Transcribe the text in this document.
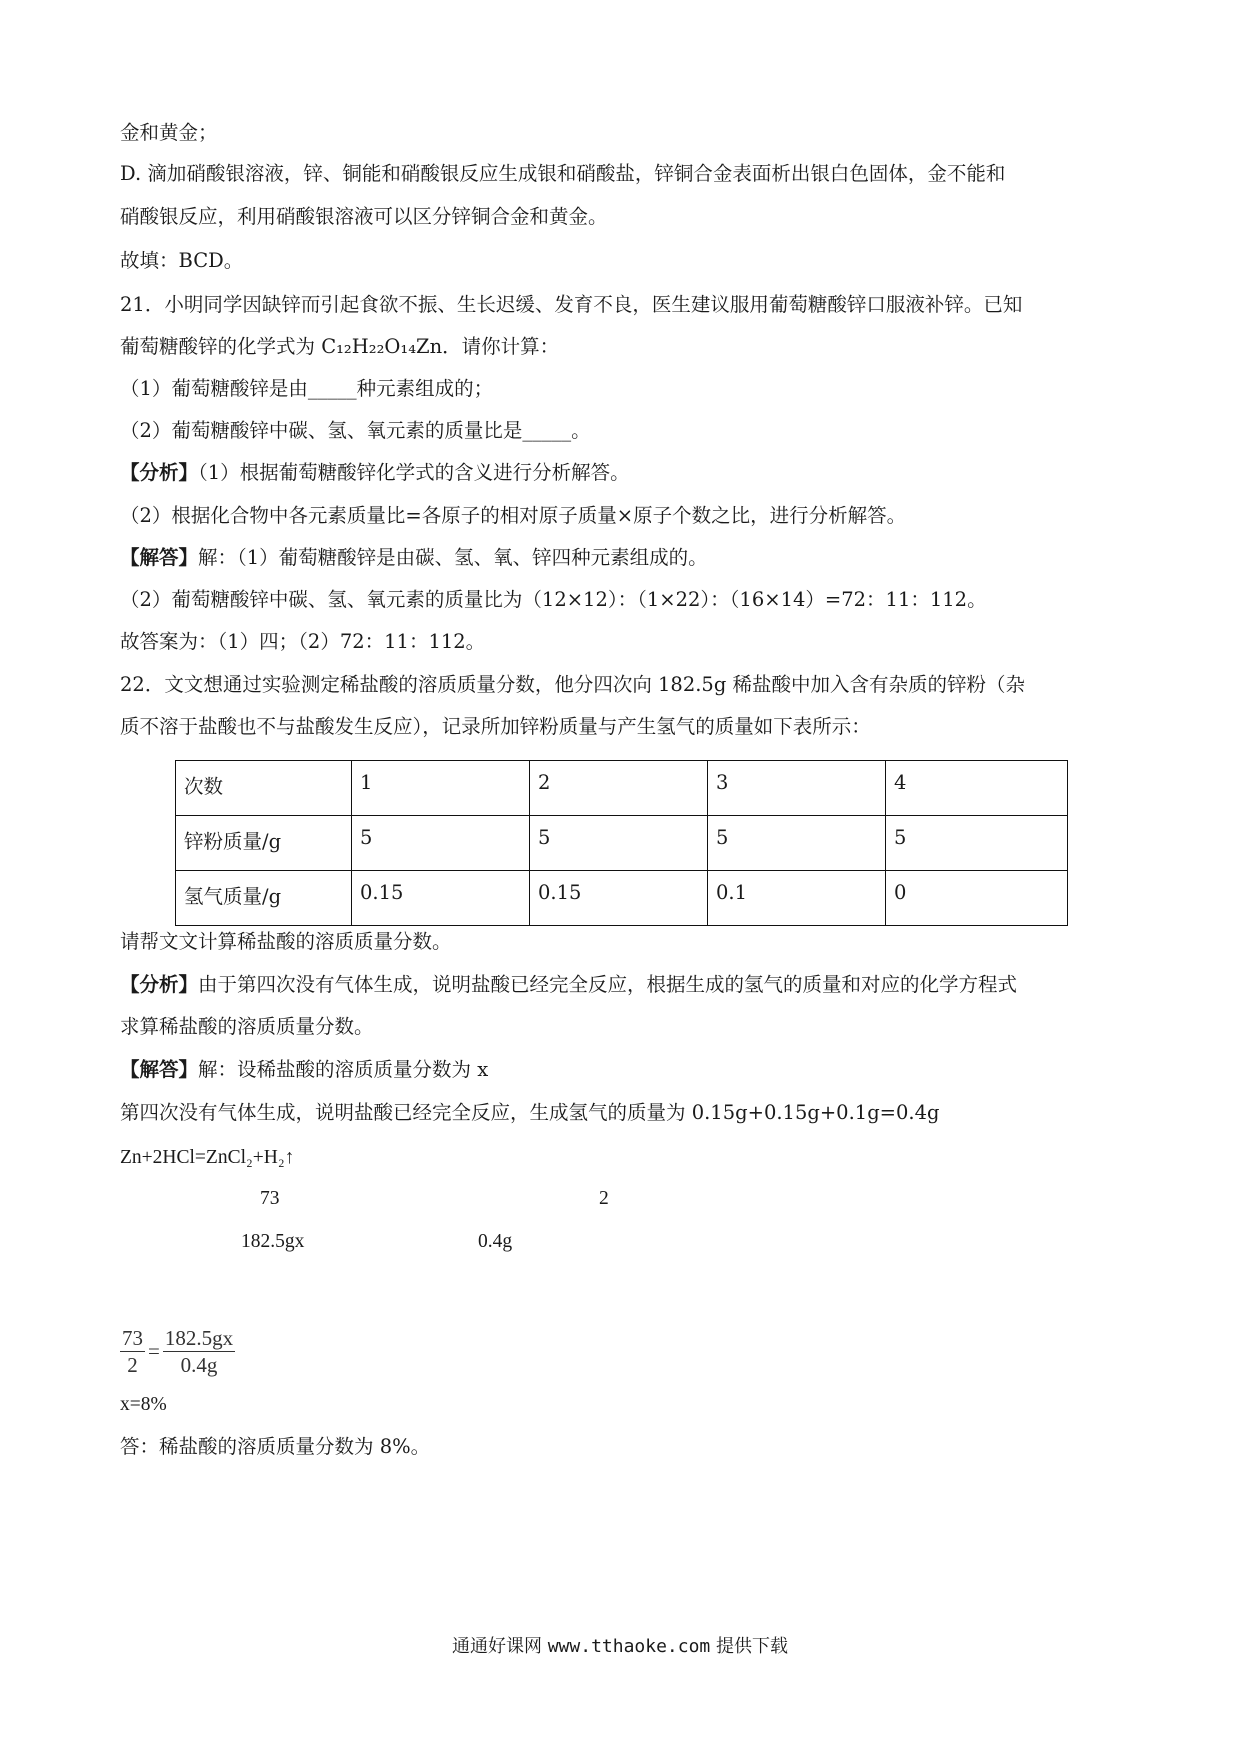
金和黄金；
D. 滴加硝酸银溶液，锌、铜能和硝酸银反应生成银和硝酸盐，锌铜合金表面析出银白色固体，金不能和
硝酸银反应，利用硝酸银溶液可以区分锌铜合金和黄金。
故填：BCD。
21．小明同学因缺锌而引起食欲不振、生长迟缓、发育不良，医生建议服用葡萄糖酸锌口服液补锌。已知
葡萄糖酸锌的化学式为 C₁₂H₂₂O₁₄Zn．请你计算：
（1）葡萄糖酸锌是由_____种元素组成的；
（2）葡萄糖酸锌中碳、氢、氧元素的质量比是_____。
【分析】（1）根据葡萄糖酸锌化学式的含义进行分析解答。
（2）根据化合物中各元素质量比=各原子的相对原子质量×原子个数之比，进行分析解答。
【解答】解：（1）葡萄糖酸锌是由碳、氢、氧、锌四种元素组成的。
（2）葡萄糖酸锌中碳、氢、氧元素的质量比为（12×12）：（1×22）：（16×14）=72：11：112。
故答案为：（1）四；（2）72：11：112。
22．文文想通过实验测定稀盐酸的溶质质量分数，他分四次向 182.5g 稀盐酸中加入含有杂质的锌粉（杂
质不溶于盐酸也不与盐酸发生反应），记录所加锌粉质量与产生氢气的质量如下表所示：
次数	1	2	3	4
锌粉质量/g	5	5	5	5
氢气质量/g	0.15	0.15	0.1	0
请帮文文计算稀盐酸的溶质质量分数。
【分析】由于第四次没有气体生成，说明盐酸已经完全反应，根据生成的氢气的质量和对应的化学方程式
求算稀盐酸的溶质质量分数。
【解答】解：设稀盐酸的溶质质量分数为 x
第四次没有气体生成，说明盐酸已经完全反应，生成氢气的质量为 0.15g+0.15g+0.1g=0.4g
Zn+2HCl=ZnCl₂+H₂↑
73	2
182.5gx	0.4g
$\frac{73}{2} = \frac{182.5gx}{0.4g}$
x=8%
答：稀盐酸的溶质质量分数为 8%。
通通好课网 www.tthaoke.com 提供下载
